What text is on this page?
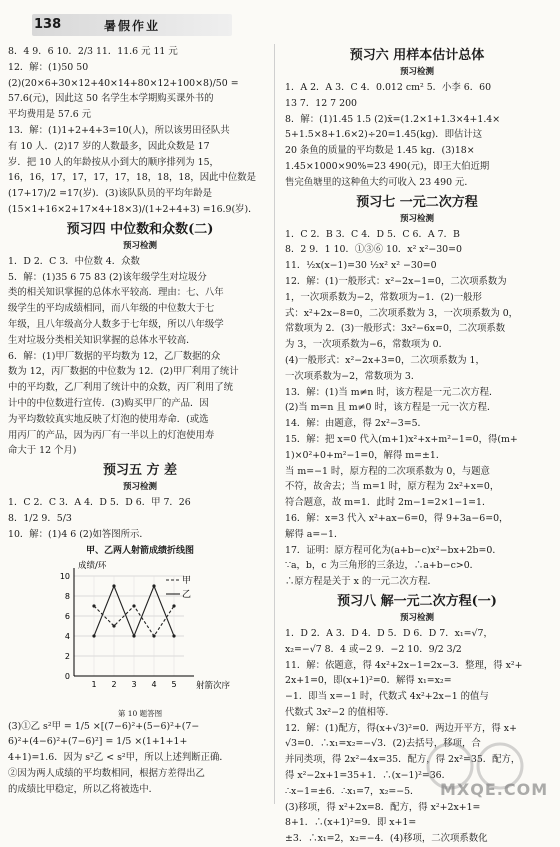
138	暑假作业

8．4 9．6 10．2/3 11．11.6 元 11 元

12．解：(1)50 50

(2)(20×6+30×12+40×14+80×12+100×8)/50 =

57.6(元)，因此这 50 名学生本学期购买课外书的

平均费用是 57.6 元

13．解：(1)1+2+4+3=10(人)，所以该男田径队共

有 10 人．(2)17 岁的人数最多，因此众数是 17

岁．把 10 人的年龄按从小到大的顺序排列为 15，

16，16，17，17，17，17，18，18，18，因此中位数是

(17+17)/2 =17(岁)．(3)该队队员的平均年龄是

(15×1+16×2+17×4+18×3)/(1+2+4+3) =16.9(岁)．

预习四 中位数和众数(二)
预习检测

1．D 2．C 3．中位数 4．众数

5．解：(1)35 6 75 83 (2)该年级学生对垃圾分

类的相关知识掌握的总体水平较高．理由：七、八年

级学生的平均成绩相同，而八年级的中位数大于七

年级，且八年级高分人数多于七年级，所以八年级学

生对垃圾分类相关知识掌握的总体水平较高．

6．解：(1)甲厂数据的平均数为 12，乙厂数据的众

数为 12，丙厂数据的中位数为 12．(2)甲厂利用了统计

中的平均数，乙厂利用了统计中的众数，丙厂利用了统

计中的中位数进行宣传．(3)购买甲厂的产品．因

为平均数较真实地反映了灯泡的使用寿命．(或选

用丙厂的产品，因为丙厂有一半以上的灯泡使用寿

命大于 12 个月)

预习五 方 差
预习检测

1．C 2．C 3．A 4．D 5．D 6．甲 7．26

8．1/2 9．5/3

10．解：(1)4 6 (2)如答图所示．

甲、乙两人射箭成绩折线图
0
2
4
6
8
10
1 2 3 4 5
成绩/环
射箭次序
甲
乙
第 10 题答图

(3)①乙 s²甲 = 1/5 ×[(7−6)²+(5−6)²+(7−

6)²+(4−6)²+(7−6)²] = 1/5 ×(1+1+1+

4+1)=1.6．因为 s²乙 < s²甲，所以上述判断正确．

②因为两人成绩的平均数相同，根据方差得出乙

的成绩比甲稳定，所以乙将被选中．

预习六 用样本估计总体
预习检测

1．A 2．A 3．C 4．0.012 cm² 5．小李 6．60

13 7．12 7 200

8．解：(1)1.45 1.5 (2)x̄=(1.2×1+1.3×4+1.4×

5+1.5×8+1.6×2)÷20=1.45(kg)．即估计这

20 条鱼的质量的平均数是 1.45 kg．(3)18×

1.45×1000×90%=23 490(元)，即王大伯近期

售完鱼塘里的这种鱼大约可收入 23 490 元．

预习七 一元二次方程
预习检测

1．C 2．B 3．C 4．D 5．C 6．A 7．B

8．2 9．1 10．①③⑥ 10．x² x²−30=0

11．½x(x−1)=30 ½x² x² −30=0

12．解：(1)一般形式：x²−2x−1=0，二次项系数为

1，一次项系数为−2，常数项为−1．(2)一般形

式：x²+2x−8=0，二次项系数为 3，一次项系数为 0，

常数项为 2．(3)一般形式：3x²−6x=0，二次项系数

为 3，一次项系数为−6，常数项为 0．

(4)一般形式：x²−2x+3=0，二次项系数为 1，

一次项系数为−2，常数项为 3．

13．解：(1)当 m≠n 时，该方程是一元二次方程．

(2)当 m=n 且 m≠0 时，该方程是一元一次方程．

14．解：由题意，得 2x²−3=5．

15．解：把 x=0 代入(m+1)x²+x+m²−1=0，得(m+

1)×0²+0+m²−1=0，解得 m=±1．

当 m=−1 时，原方程的二次项系数为 0，与题意

不符，故舍去；当 m=1 时，原方程为 2x²+x=0，

符合题意，故 m=1．此时 2m−1=2×1−1=1．

16．解：x=3 代入 x²+ax−6=0，得 9+3a−6=0，

解得 a=−1．

17．证明：原方程可化为(a+b−c)x²−bx+2b=0．

∵a，b，c 为三角形的三条边，∴a+b−c>0．

∴原方程是关于 x 的一元二次方程．

预习八 解一元二次方程(一)
预习检测

1．D 2．A 3．D 4．D 5．D 6．D 7．x₁=√7，

x₂=−√7 8．4 或−2 9．−2 10．9/2 3/2

11．解：依题意，得 4x²+2x−1=2x−3．整理，得 x²+

2x+1=0，即(x+1)²=0．解得 x₁=x₂=

−1．即当 x=−1 时，代数式 4x²+2x−1 的值与

代数式 3x²−2 的值相等．

12．解：(1)配方，得(x+√3)²=0．两边开平方，得 x+

√3=0．∴x₁=x₂=−√3．(2)去括号，移项，合

并同类项，得 2x²−4x=35．配方，得 2x²=35．配方，

得 x²−2x+1=35+1．∴(x−1)²=36．

∴x−1=±6．∴x₁=7，x₂=−5．

(3)移项，得 x²+2x=8．配方，得 x²+2x+1=

8+1．∴(x+1)²=9．即 x+1=

±3．∴x₁=2，x₂=−4．(4)移项，二次项系数化

MXQE.COM
